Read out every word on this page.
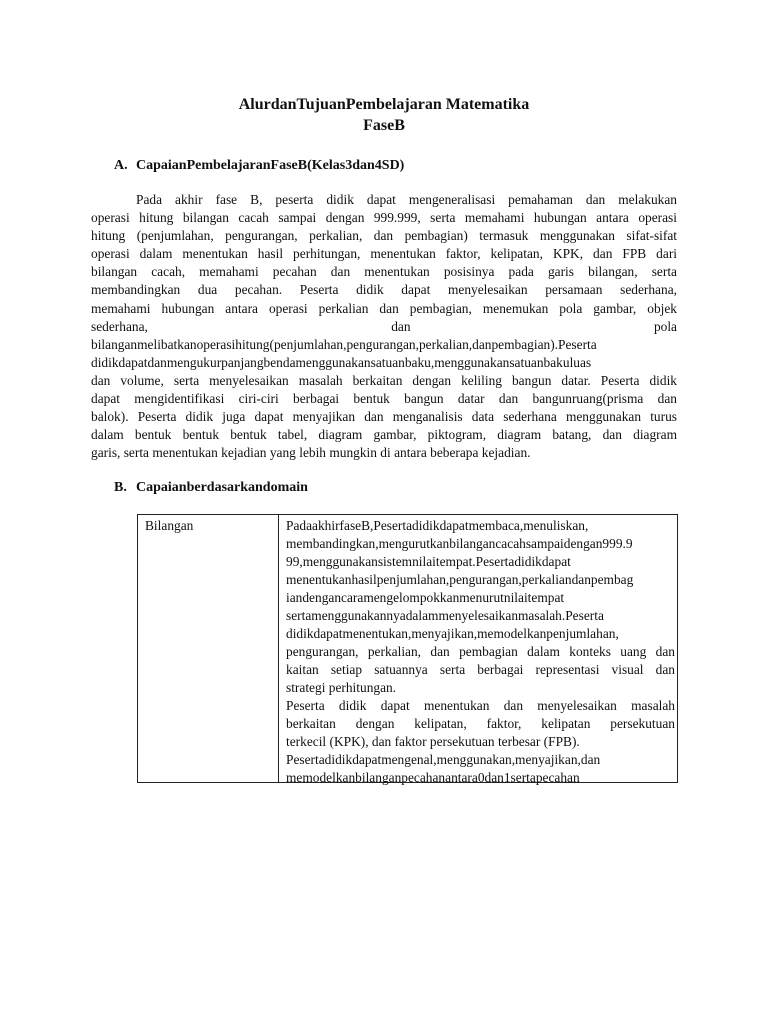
AlurdanTujuanPembelajaran Matematika
FaseB
A. CapaianPembelajaranFaseB(Kelas3dan4SD)
Pada akhir fase B, peserta didik dapat mengeneralisasi pemahaman dan melakukan
operasi hitung bilangan cacah sampai dengan 999.999, serta memahami hubungan antara operasi
hitung (penjumlahan, pengurangan, perkalian, dan pembagian) termasuk menggunakan sifat-sifat
operasi dalam menentukan hasil perhitungan, menentukan faktor, kelipatan, KPK, dan FPB dari
bilangan cacah, memahami pecahan dan menentukan posisinya pada garis bilangan, serta
membandingkan dua pecahan. Peserta didik dapat menyelesaikan persamaan sederhana,
memahami hubungan antara operasi perkalian dan pembagian, menemukan pola gambar, objek
sederhana, dan pola
bilanganmelibatkanoperasihitung(penjumlahan,pengurangan,perkalian,danpembagian).Peserta
didikdapatdanmengukurpanjangbendamenggunakansatuanbaku,menggunakansatuanbakuluas
dan volume, serta menyelesaikan masalah berkaitan dengan keliling bangun datar. Peserta didik
dapat mengidentifikasi ciri-ciri berbagai bentuk bangun datar dan bangunruang(prisma dan
balok). Peserta didik juga dapat menyajikan dan menganalisis data sederhana menggunakan turus
dalam bentuk bentuk bentuk tabel, diagram gambar, piktogram, diagram batang, dan diagram
garis, serta menentukan kejadian yang lebih mungkin di antara beberapa kejadian.
B. Capaianberdasarkandomain
Bilangan	PadaakhirfaseB,Pesertadidikdapatmembaca,menuliskan,
membandingkan,mengurutkanbilangancacahsampaidengan999.9
99,menggunakansistemnilaitempat.Pesertadidikdapat
menentukanhasilpenjumlahan,pengurangan,perkaliandanpembag
iandengancaramengelompokkanmenurutnilaitempat
sertamenggunakannyadalammenyelesaikanmasalah.Peserta
didikdapatmenentukan,menyajikan,memodelkanpenjumlahan,
pengurangan, perkalian, dan pembagian dalam konteks uang dan
kaitan setiap satuannya serta berbagai representasi visual dan
strategi perhitungan.
Peserta didik dapat menentukan dan menyelesaikan masalah
berkaitan dengan kelipatan, faktor, kelipatan persekutuan
terkecil (KPK), dan faktor persekutuan terbesar (FPB).
Pesertadidikdapatmengenal,menggunakan,menyajikan,dan
memodelkanbilanganpecahanantara0dan1sertapecahan
